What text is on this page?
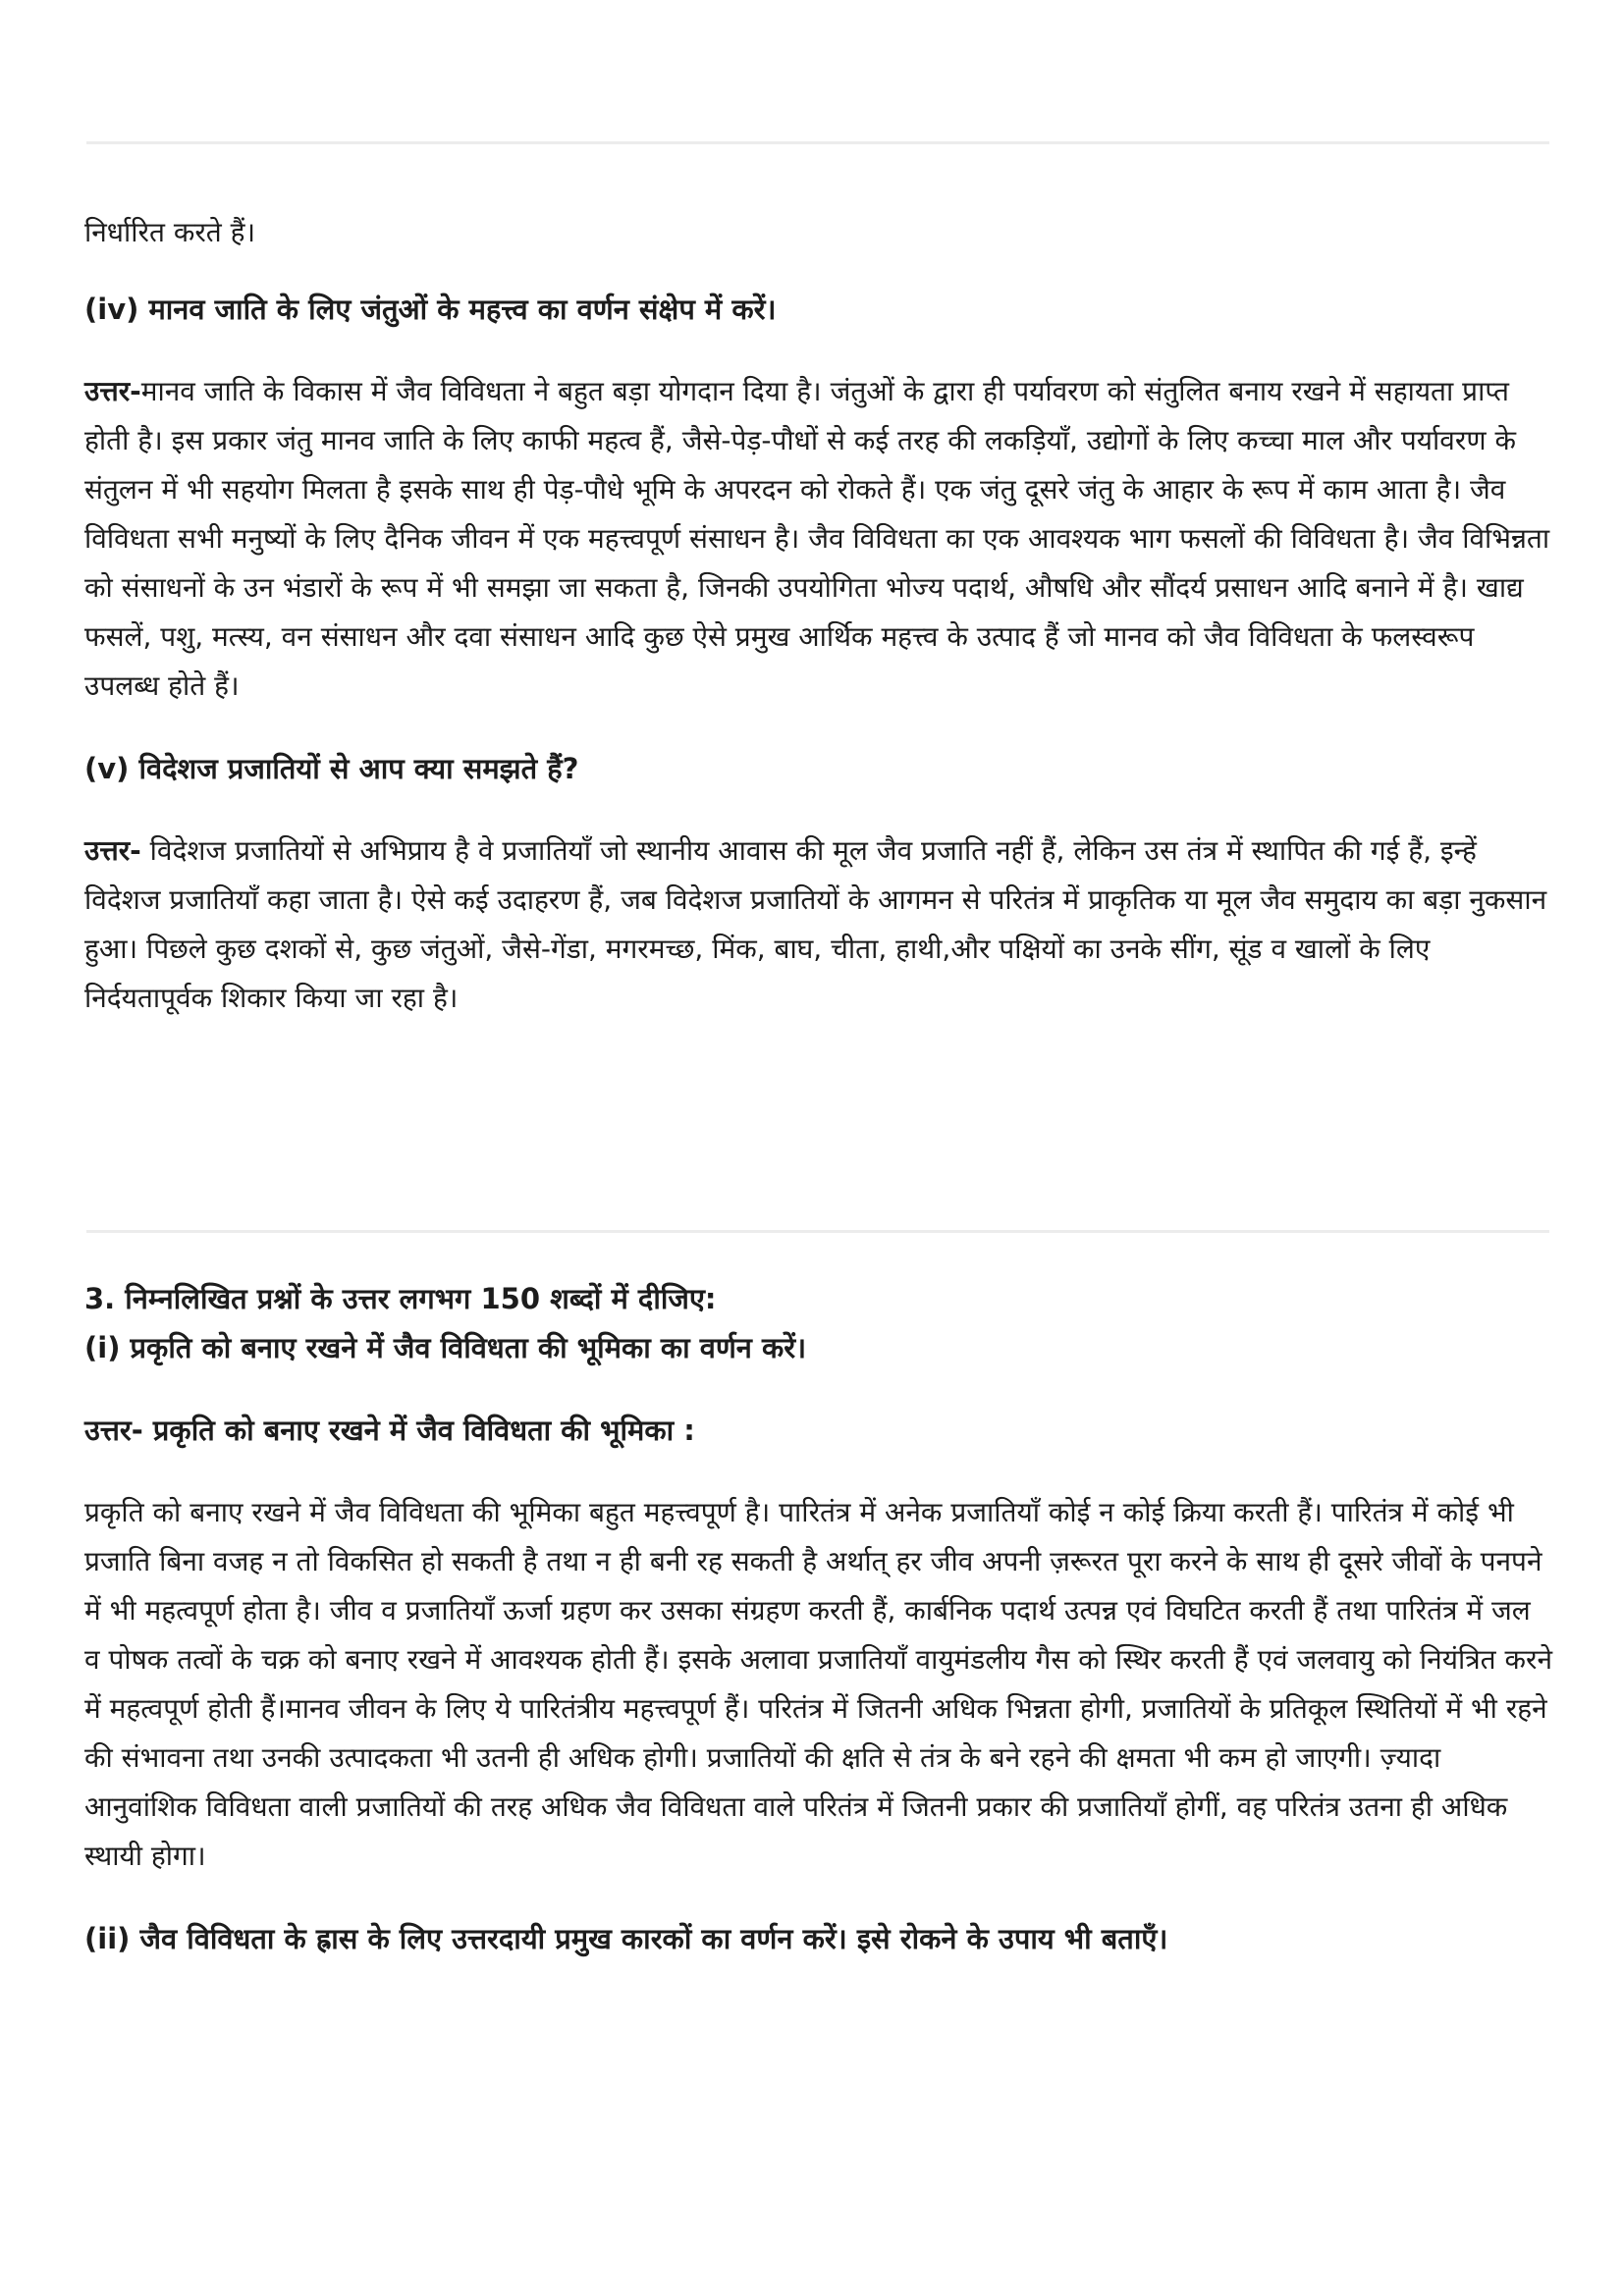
निर्धारित करते हैं।

(iv) मानव जाति के लिए जंतुओं के महत्त्व का वर्णन संक्षेप में करें।

उत्तर-मानव जाति के विकास में जैव विविधता ने बहुत बड़ा योगदान दिया है। जंतुओं के द्वारा ही पर्यावरण को संतुलित बनाय रखने में सहायता प्राप्त होती है। इस प्रकार जंतु मानव जाति के लिए काफी महत्व हैं, जैसे-पेड़-पौधों से कई तरह की लकड़ियाँ, उद्योगों के लिए कच्चा माल और पर्यावरण के संतुलन में भी सहयोग मिलता है इसके साथ ही पेड़-पौधे भूमि के अपरदन को रोकते हैं। एक जंतु दूसरे जंतु के आहार के रूप में काम आता है। जैव विविधता सभी मनुष्यों के लिए दैनिक जीवन में एक महत्त्वपूर्ण संसाधन है। जैव विविधता का एक आवश्यक भाग फसलों की विविधता है। जैव विभिन्नता को संसाधनों के उन भंडारों के रूप में भी समझा जा सकता है, जिनकी उपयोगिता भोज्य पदार्थ, औषधि और सौंदर्य प्रसाधन आदि बनाने में है। खाद्य फसलें, पशु, मत्स्य, वन संसाधन और दवा संसाधन आदि कुछ ऐसे प्रमुख आर्थिक महत्त्व के उत्पाद हैं जो मानव को जैव विविधता के फलस्वरूप उपलब्ध होते हैं।

(v) विदेशज प्रजातियों से आप क्या समझते हैं?

उत्तर- विदेशज प्रजातियों से अभिप्राय है वे प्रजातियाँ जो स्थानीय आवास की मूल जैव प्रजाति नहीं हैं, लेकिन उस तंत्र में स्थापित की गई हैं, इन्हें विदेशज प्रजातियाँ कहा जाता है। ऐसे कई उदाहरण हैं, जब विदेशज प्रजातियों के आगमन से परितंत्र में प्राकृतिक या मूल जैव समुदाय का बड़ा नुकसान हुआ। पिछले कुछ दशकों से, कुछ जंतुओं, जैसे-गेंडा, मगरमच्छ, मिंक, बाघ, चीता, हाथी,और पक्षियों का उनके सींग, सूंड व खालों के लिए निर्दयतापूर्वक शिकार किया जा रहा है।

3. निम्नलिखित प्रश्नों के उत्तर लगभग 150 शब्दों में दीजिए:

(i) प्रकृति को बनाए रखने में जैव विविधता की भूमिका का वर्णन करें।

उत्तर- प्रकृति को बनाए रखने में जैव विविधता की भूमिका :

प्रकृति को बनाए रखने में जैव विविधता की भूमिका बहुत महत्त्वपूर्ण है। पारितंत्र में अनेक प्रजातियाँ कोई न कोई क्रिया करती हैं। पारितंत्र में कोई भी प्रजाति बिना वजह न तो विकसित हो सकती है तथा न ही बनी रह सकती है अर्थात् हर जीव अपनी ज़रूरत पूरा करने के साथ ही दूसरे जीवों के पनपने में भी महत्वपूर्ण होता है। जीव व प्रजातियाँ ऊर्जा ग्रहण कर उसका संग्रहण करती हैं, कार्बनिक पदार्थ उत्पन्न एवं विघटित करती हैं तथा पारितंत्र में जल व पोषक तत्वों के चक्र को बनाए रखने में आवश्यक होती हैं। इसके अलावा प्रजातियाँ वायुमंडलीय गैस को स्थिर करती हैं एवं जलवायु को नियंत्रित करने में महत्वपूर्ण होती हैं।मानव जीवन के लिए ये पारितंत्रीय महत्त्वपूर्ण हैं। परितंत्र में जितनी अधिक भिन्नता होगी, प्रजातियों के प्रतिकूल स्थितियों में भी रहने की संभावना तथा उनकी उत्पादकता भी उतनी ही अधिक होगी। प्रजातियों की क्षति से तंत्र के बने रहने की क्षमता भी कम हो जाएगी। ज़्यादा आनुवांशिक विविधता वाली प्रजातियों की तरह अधिक जैव विविधता वाले परितंत्र में जितनी प्रकार की प्रजातियाँ होगीं, वह परितंत्र उतना ही अधिक स्थायी होगा।

(ii) जैव विविधता के ह्रास के लिए उत्तरदायी प्रमुख कारकों का वर्णन करें। इसे रोकने के उपाय भी बताएँ।
